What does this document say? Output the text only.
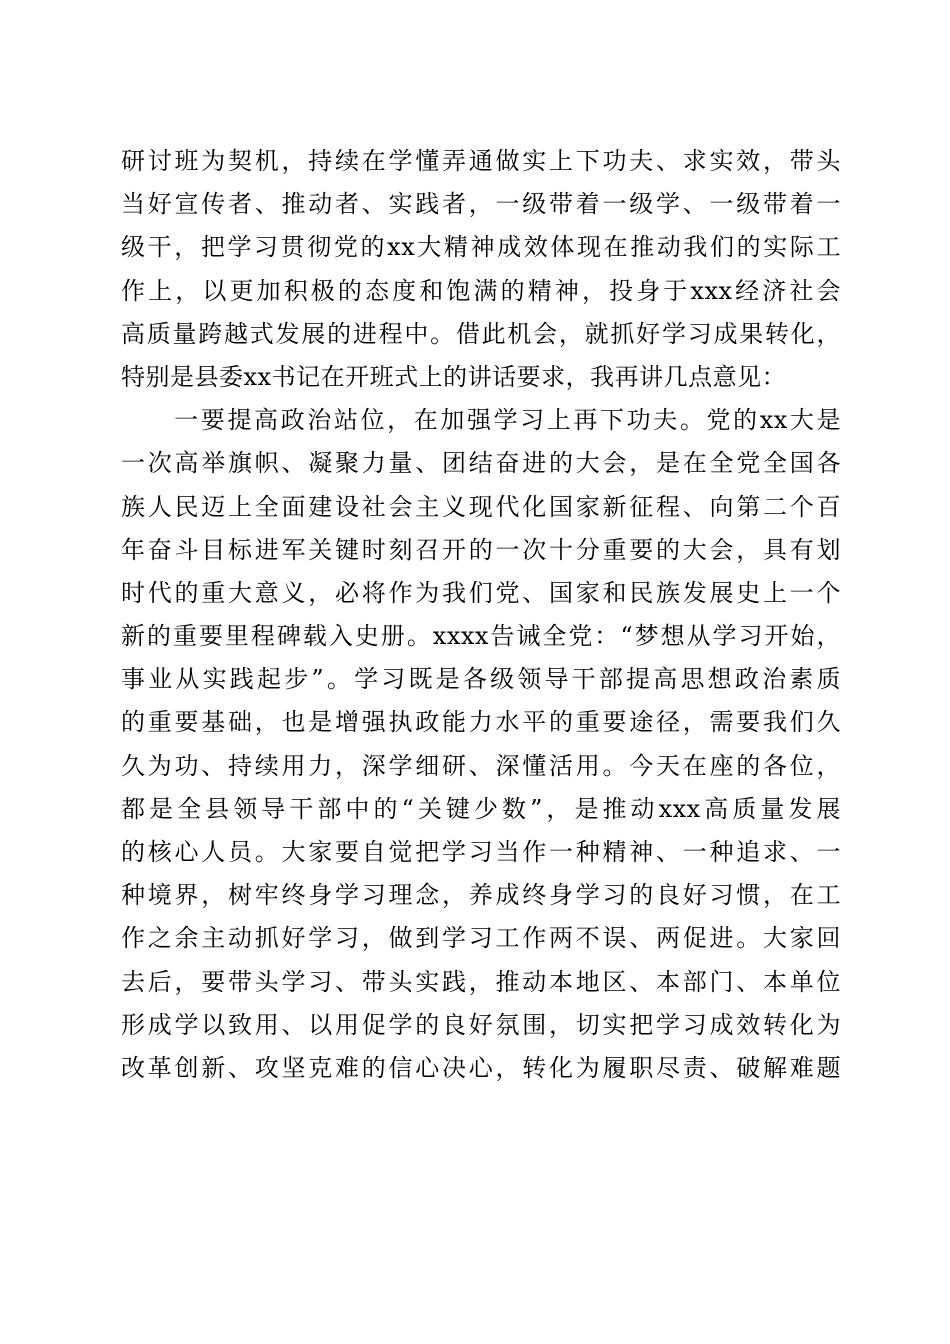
研讨班为契机，持续在学懂弄通做实上下功夫、求实效，带头
当好宣传者、推动者、实践者，一级带着一级学、一级带着一
级干，把学习贯彻党的xx大精神成效体现在推动我们的实际工
作上，以更加积极的态度和饱满的精神，投身于xxx经济社会
高质量跨越式发展的进程中。借此机会，就抓好学习成果转化，
特别是县委xx书记在开班式上的讲话要求，我再讲几点意见：
　　一要提高政治站位，在加强学习上再下功夫。党的xx大是
一次高举旗帜、凝聚力量、团结奋进的大会，是在全党全国各
族人民迈上全面建设社会主义现代化国家新征程、向第二个百
年奋斗目标进军关键时刻召开的一次十分重要的大会，具有划
时代的重大意义，必将作为我们党、国家和民族发展史上一个
新的重要里程碑载入史册。xxxx告诫全党：“梦想从学习开始，
事业从实践起步”。学习既是各级领导干部提高思想政治素质
的重要基础，也是增强执政能力水平的重要途径，需要我们久
久为功、持续用力，深学细研、深懂活用。今天在座的各位，
都是全县领导干部中的“关键少数”，是推动xxx高质量发展
的核心人员。大家要自觉把学习当作一种精神、一种追求、一
种境界，树牢终身学习理念，养成终身学习的良好习惯，在工
作之余主动抓好学习，做到学习工作两不误、两促进。大家回
去后，要带头学习、带头实践，推动本地区、本部门、本单位
形成学以致用、以用促学的良好氛围，切实把学习成效转化为
改革创新、攻坚克难的信心决心，转化为履职尽责、破解难题
